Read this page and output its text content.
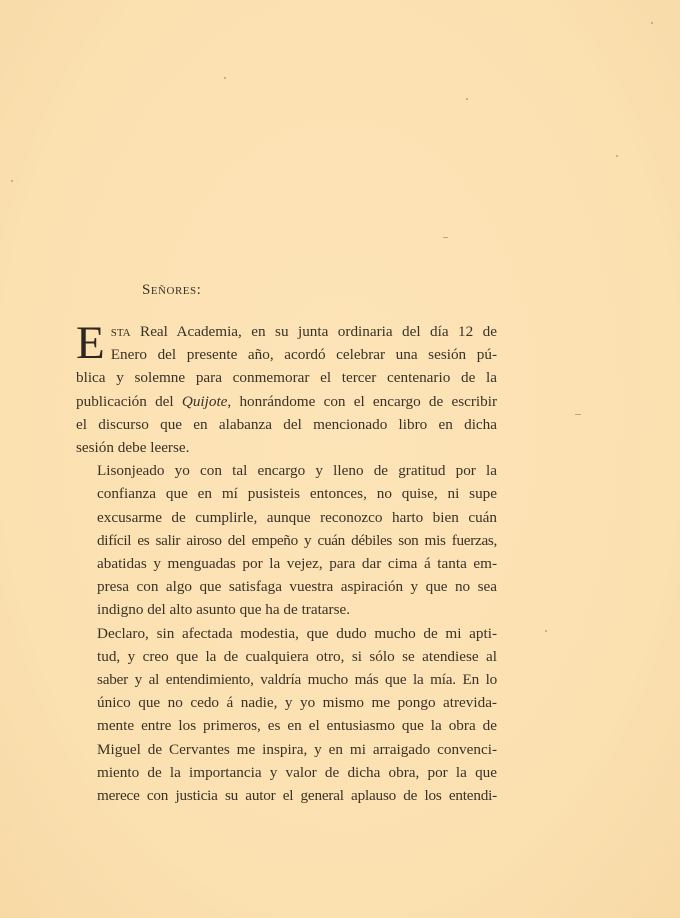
Señores:

E sta Real Academia, en su junta ordinaria del día 12 de
Enero del presente año, acordó celebrar una sesión pú-
blica y solemne para conmemorar el tercer centenario de la
publicación del Quijote, honrándome con el encargo de escribir
el discurso que en alabanza del mencionado libro en dicha
sesión debe leerse.

Lisonjeado yo con tal encargo y lleno de gratitud por la
confianza que en mí pusisteis entonces, no quise, ni supe
excusarme de cumplirle, aunque reconozco harto bien cuán
difícil es salir airoso del empeño y cuán débiles son mis fuerzas,
abatidas y menguadas por la vejez, para dar cima á tanta em-
presa con algo que satisfaga vuestra aspiración y que no sea
indigno del alto asunto que ha de tratarse.

Declaro, sin afectada modestia, que dudo mucho de mi apti-
tud, y creo que la de cualquiera otro, si sólo se atendiese al
saber y al entendimiento, valdría mucho más que la mía. En lo
único que no cedo á nadie, y yo mismo me pongo atrevida-
mente entre los primeros, es en el entusiasmo que la obra de
Miguel de Cervantes me inspira, y en mi arraigado convenci-
miento de la importancia y valor de dicha obra, por la que
merece con justicia su autor el general aplauso de los entendi-
